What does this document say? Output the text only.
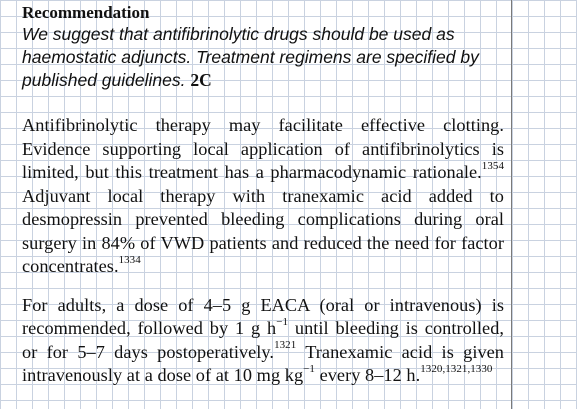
Recommendation

We suggest that antifibrinolytic drugs should be used as haemostatic adjuncts. Treatment regimens are specified by published guidelines. 2C

Antifibrinolytic therapy may facilitate effective clotting. Evidence supporting local application of antifibrinolytics is limited, but this treatment has a pharmacodynamic rationale.$^{1354}$ Adjuvant local therapy with tranexamic acid added to desmopressin prevented bleeding complications during oral surgery in 84% of VWD patients and reduced the need for factor concentrates.$^{1334}$

For adults, a dose of 4–5 g EACA (oral or intravenous) is recommended, followed by 1 g $h^{-1}$ until bleeding is controlled, or for 5–7 days postoperatively.$^{1321}$ Tranexamic acid is given intravenously at a dose of at 10 mg $kg^{-1}$ every 8–12 h.$^{1320,1321,1330}$
